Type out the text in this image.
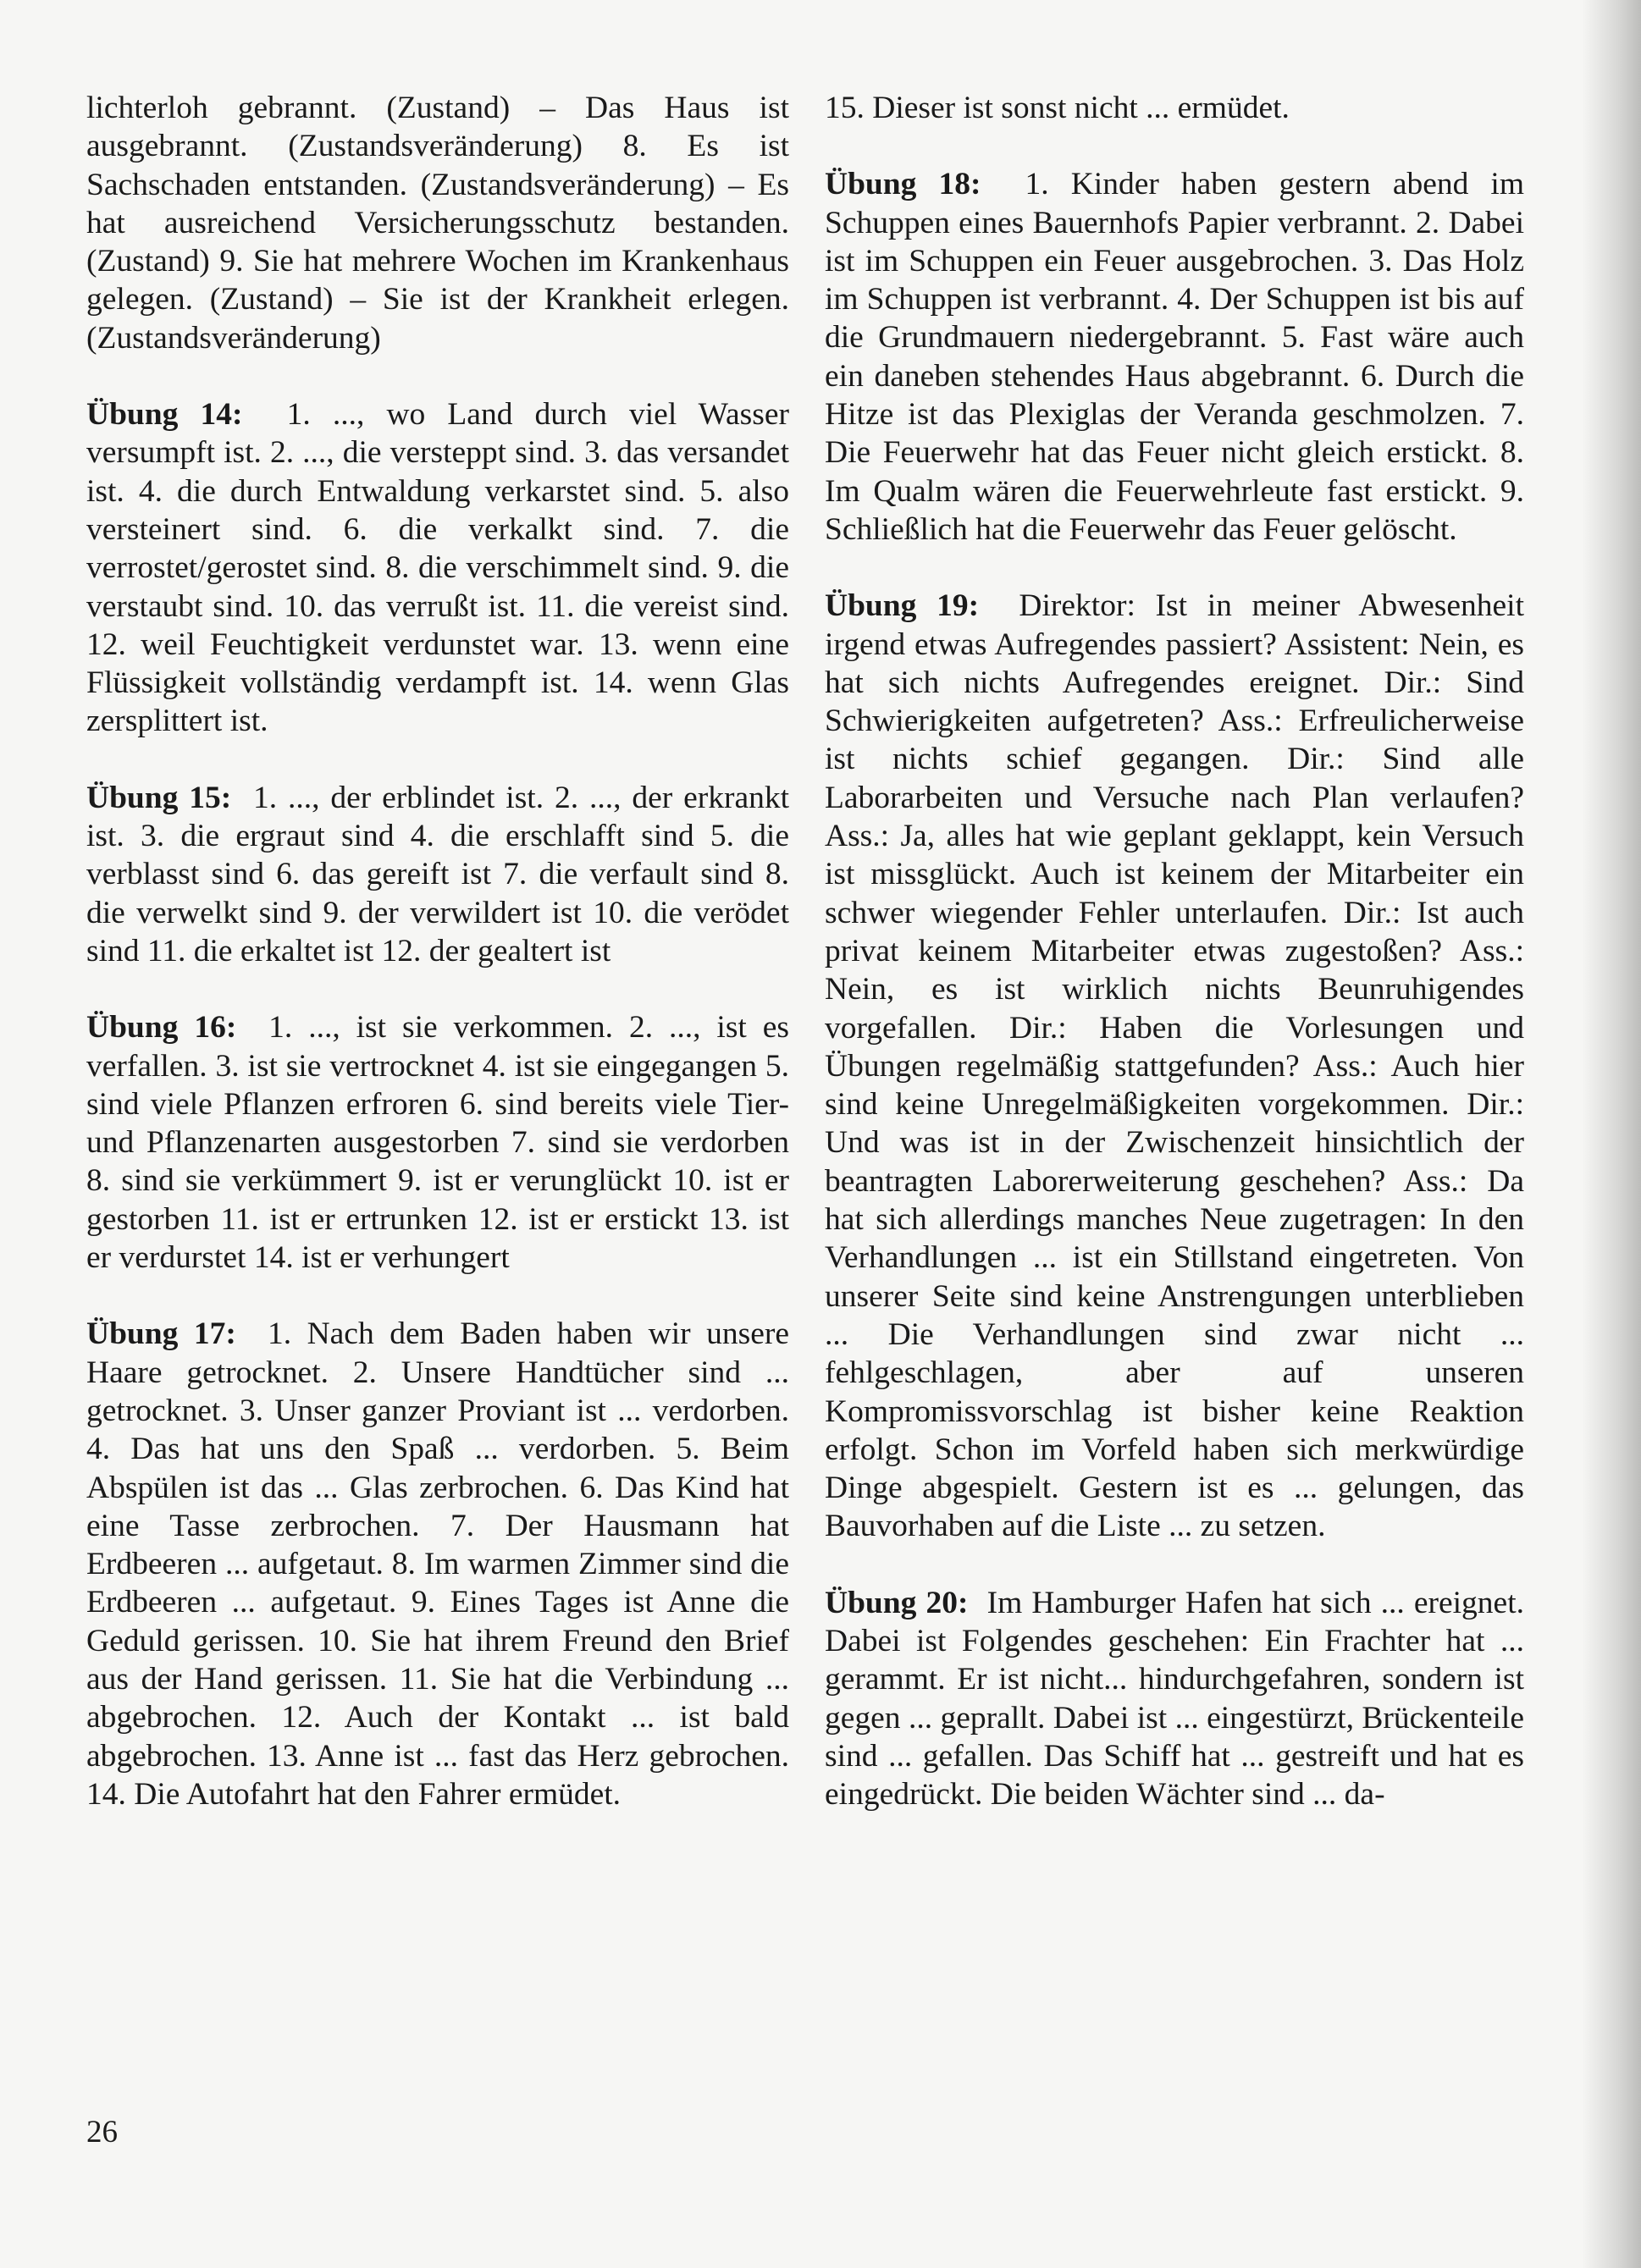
lichterloh gebrannt. (Zustand) – Das Haus ist ausgebrannt. (Zustandsveränderung) 8. Es ist Sachschaden entstanden. (Zustandsveränderung) – Es hat ausreichend Versicherungsschutz bestanden. (Zustand) 9. Sie hat mehrere Wochen im Krankenhaus gelegen. (Zustand) – Sie ist der Krankheit erlegen. (Zustandsveränderung)

Übung 14: 1. ..., wo Land durch viel Wasser versumpft ist. 2. ..., die versteppt sind. 3. das versandet ist. 4. die durch Entwaldung verkarstet sind. 5. also versteinert sind. 6. die verkalkt sind. 7. die verrostet/gerostet sind. 8. die verschimmelt sind. 9. die verstaubt sind. 10. das verrußt ist. 11. die vereist sind. 12. weil Feuchtigkeit verdunstet war. 13. wenn eine Flüssigkeit vollständig verdampft ist. 14. wenn Glas zersplittert ist.

Übung 15: 1. ..., der erblindet ist. 2. ..., der erkrankt ist. 3. die ergraut sind 4. die erschlafft sind 5. die verblasst sind 6. das gereift ist 7. die verfault sind 8. die verwelkt sind 9. der verwildert ist 10. die verödet sind 11. die erkaltet ist 12. der gealtert ist

Übung 16: 1. ..., ist sie verkommen. 2. ..., ist es verfallen. 3. ist sie vertrocknet 4. ist sie eingegangen 5. sind viele Pflanzen erfroren 6. sind bereits viele Tier- und Pflanzenarten ausgestorben 7. sind sie verdorben 8. sind sie verkümmert 9. ist er verunglückt 10. ist er gestorben 11. ist er ertrunken 12. ist er erstickt 13. ist er verdurstet 14. ist er verhungert

Übung 17: 1. Nach dem Baden haben wir unsere Haare getrocknet. 2. Unsere Handtücher sind ... getrocknet. 3. Unser ganzer Proviant ist ... verdorben. 4. Das hat uns den Spaß ... verdorben. 5. Beim Abspülen ist das ... Glas zerbrochen. 6. Das Kind hat eine Tasse zerbrochen. 7. Der Hausmann hat Erdbeeren ... aufgetaut. 8. Im warmen Zimmer sind die Erdbeeren ... aufgetaut. 9. Eines Tages ist Anne die Geduld gerissen. 10. Sie hat ihrem Freund den Brief aus der Hand gerissen. 11. Sie hat die Verbindung ... abgebrochen. 12. Auch der Kontakt ... ist bald abgebrochen. 13. Anne ist ... fast das Herz gebrochen. 14. Die Autofahrt hat den Fahrer ermüdet.

15. Dieser ist sonst nicht ... ermüdet.

Übung 18: 1. Kinder haben gestern abend im Schuppen eines Bauernhofs Papier verbrannt. 2. Dabei ist im Schuppen ein Feuer ausgebrochen. 3. Das Holz im Schuppen ist verbrannt. 4. Der Schuppen ist bis auf die Grundmauern niedergebrannt. 5. Fast wäre auch ein daneben stehendes Haus abgebrannt. 6. Durch die Hitze ist das Plexiglas der Veranda geschmolzen. 7. Die Feuerwehr hat das Feuer nicht gleich erstickt. 8. Im Qualm wären die Feuerwehrleute fast erstickt. 9. Schließlich hat die Feuerwehr das Feuer gelöscht.

Übung 19: Direktor: Ist in meiner Abwesenheit irgend etwas Aufregendes passiert? Assistent: Nein, es hat sich nichts Aufregendes ereignet. Dir.: Sind Schwierigkeiten aufgetreten? Ass.: Erfreulicherweise ist nichts schief gegangen. Dir.: Sind alle Laborarbeiten und Versuche nach Plan verlaufen? Ass.: Ja, alles hat wie geplant geklappt, kein Versuch ist missglückt. Auch ist keinem der Mitarbeiter ein schwer wiegender Fehler unterlaufen. Dir.: Ist auch privat keinem Mitarbeiter etwas zugestoßen? Ass.: Nein, es ist wirklich nichts Beunruhigendes vorgefallen. Dir.: Haben die Vorlesungen und Übungen regelmäßig stattgefunden? Ass.: Auch hier sind keine Unregelmäßigkeiten vorgekommen. Dir.: Und was ist in der Zwischenzeit hinsichtlich der beantragten Laborerweiterung geschehen? Ass.: Da hat sich allerdings manches Neue zugetragen: In den Verhandlungen ... ist ein Stillstand eingetreten. Von unserer Seite sind keine Anstrengungen unterblieben ... Die Verhandlungen sind zwar nicht ... fehlgeschlagen, aber auf unseren Kompromissvorschlag ist bisher keine Reaktion erfolgt. Schon im Vorfeld haben sich merkwürdige Dinge abgespielt. Gestern ist es ... gelungen, das Bauvorhaben auf die Liste ... zu setzen.

Übung 20: Im Hamburger Hafen hat sich ... ereignet. Dabei ist Folgendes geschehen: Ein Frachter hat ... gerammt. Er ist nicht... hindurchgefahren, sondern ist gegen ... geprallt. Dabei ist ... eingestürzt, Brückenteile sind ... gefallen. Das Schiff hat ... gestreift und hat es eingedrückt. Die beiden Wächter sind ... da-

26
